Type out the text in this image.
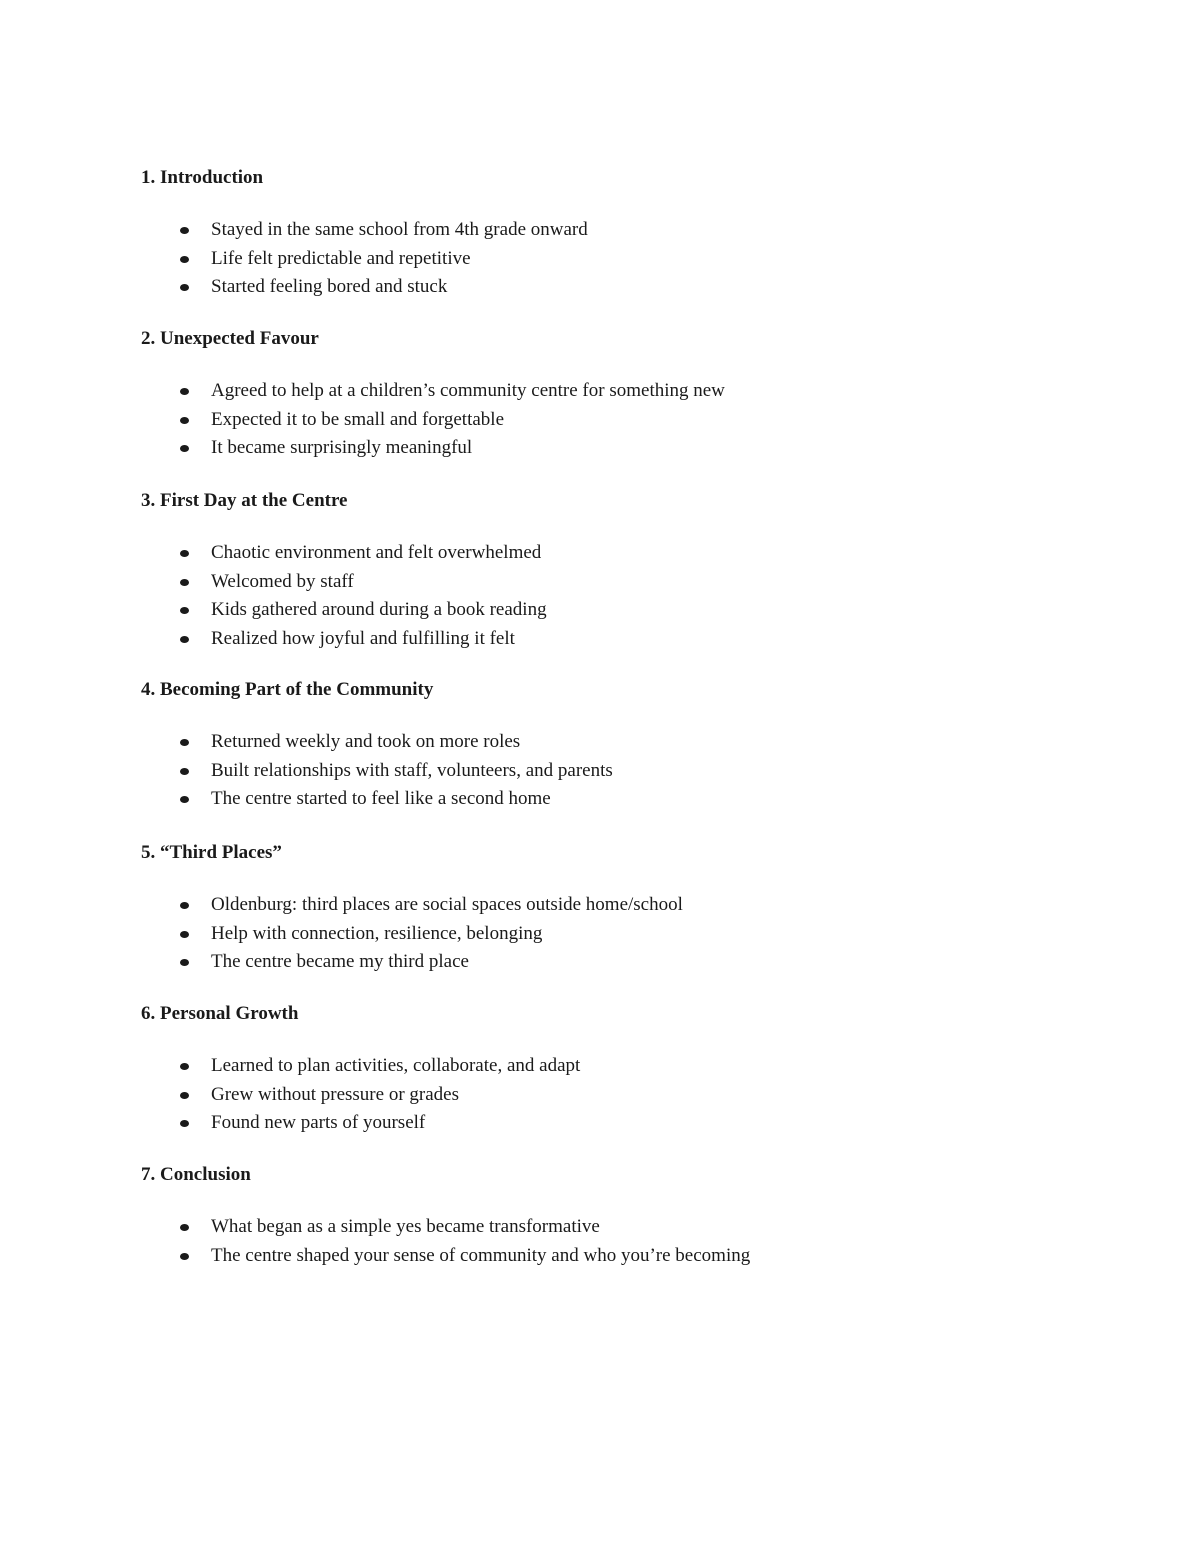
1. Introduction
Stayed in the same school from 4th grade onward
Life felt predictable and repetitive
Started feeling bored and stuck
2. Unexpected Favour
Agreed to help at a children’s community centre for something new
Expected it to be small and forgettable
It became surprisingly meaningful
3. First Day at the Centre
Chaotic environment and felt overwhelmed
Welcomed by staff
Kids gathered around during a book reading
Realized how joyful and fulfilling it felt
4. Becoming Part of the Community
Returned weekly and took on more roles
Built relationships with staff, volunteers, and parents
The centre started to feel like a second home
5. “Third Places”
Oldenburg: third places are social spaces outside home/school
Help with connection, resilience, belonging
The centre became my third place
6. Personal Growth
Learned to plan activities, collaborate, and adapt
Grew without pressure or grades
Found new parts of yourself
7. Conclusion
What began as a simple yes became transformative
The centre shaped your sense of community and who you’re becoming
